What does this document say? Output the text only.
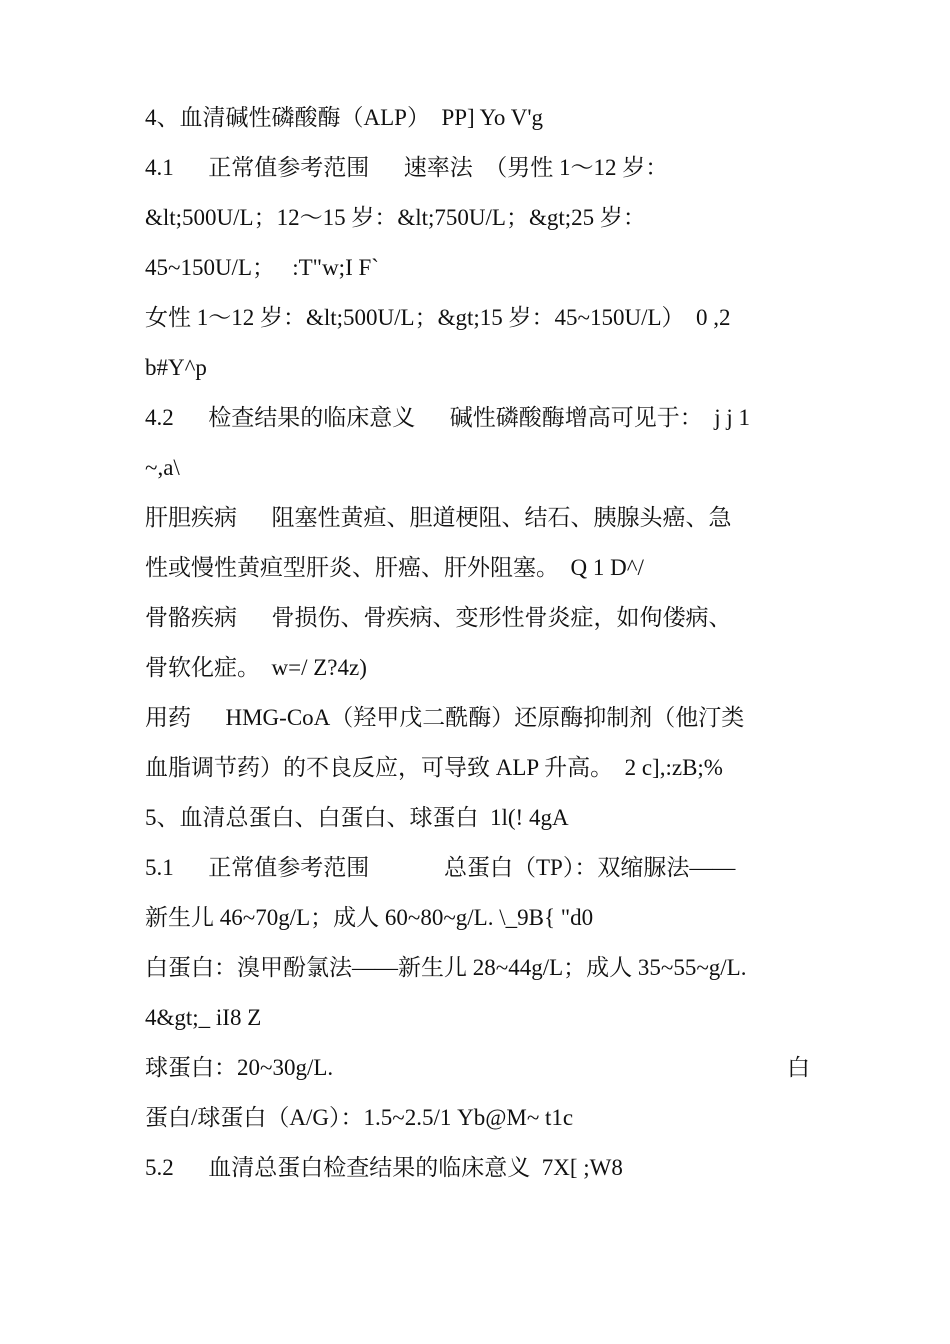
4、血清碱性磷酸酶（ALP）  PP] Yo V'g
4.1      正常值参考范围      速率法  （男性 1～12 岁：
&lt;500U/L；12～15 岁：&lt;750U/L；&gt;25 岁：
45~150U/L；   :T"w;I F`
女性 1～12 岁：&lt;500U/L；&gt;15 岁：45~150U/L）  0 ,2
b#Y^p
4.2      检查结果的临床意义      碱性磷酸酶增高可见于：  j j 1
~,a\
肝胆疾病      阻塞性黄疸、胆道梗阻、结石、胰腺头癌、急
性或慢性黄疸型肝炎、肝癌、肝外阻塞。  Q 1 D^/
骨骼疾病      骨损伤、骨疾病、变形性骨炎症，如佝偻病、
骨软化症。  w=/ Z?4z)
用药      HMG-CoA（羟甲戊二酰酶）还原酶抑制剂（他汀类
血脂调节药）的不良反应，可导致 ALP 升高。  2 c],:zB;%
5、血清总蛋白、白蛋白、球蛋白  1l(! 4gA
5.1      正常值参考范围             总蛋白（TP）：双缩脲法——
新生儿 46~70g/L；成人 60~80~g/L. \_9B{ "d0
白蛋白：溴甲酚氯法——新生儿 28~44g/L；成人 35~55~g/L.
4&gt;_ iI8 Z
球蛋白：20~30g/L.	白
蛋白/球蛋白（A/G）：1.5~2.5/1 Yb@M~ t1c
5.2      血清总蛋白检查结果的临床意义  7X[ ;W8
